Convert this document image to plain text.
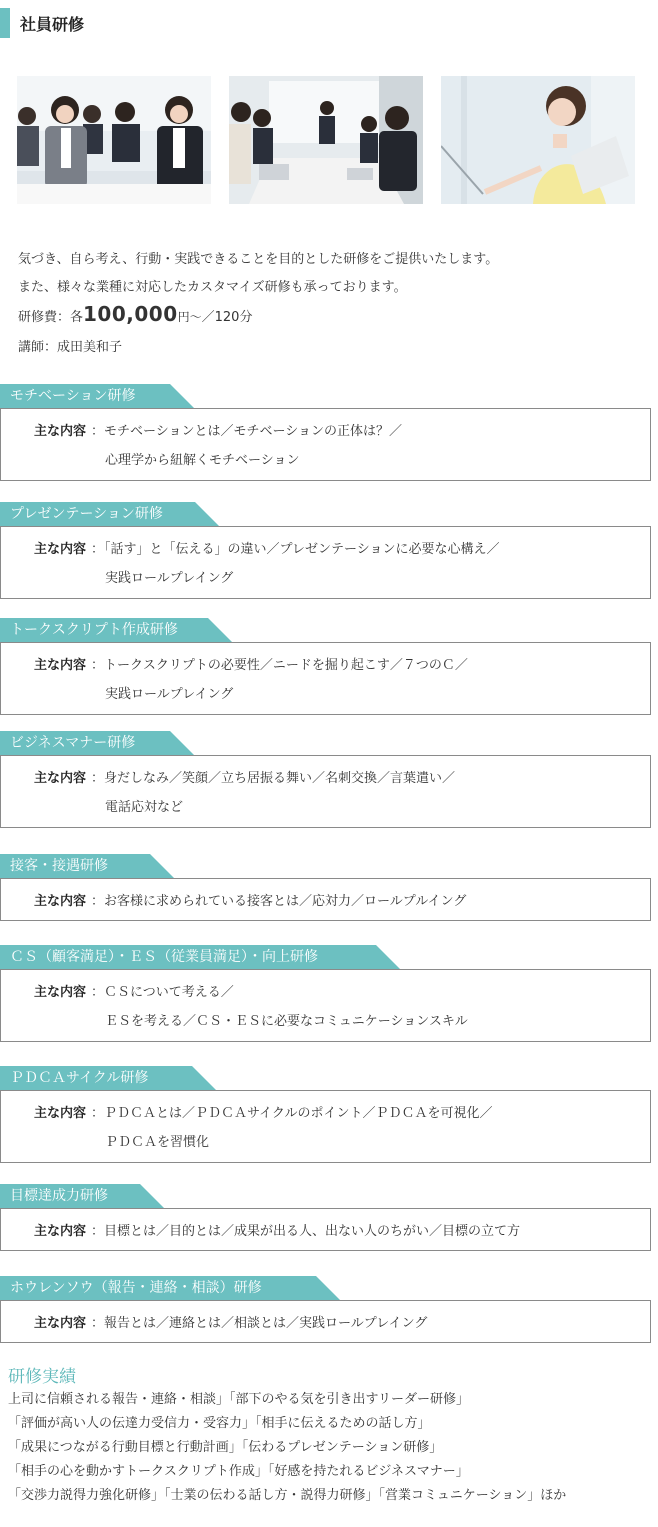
社員研修

気づき、自ら考え、行動・実践できることを目的とした研修をご提供いたします。

また、様々な業種に対応したカスタマイズ研修も承っております。

研修費：各100,000円〜／120分

講師：成田美和子

モチベーション研修
主な内容 ：モチベーションとは／モチベーションの正体は？／
心理学から紐解くモチベーション
プレゼンテーション研修
主な内容 ：「話す」と「伝える」の違い／プレゼンテーションに必要な心構え／
実践ロールプレイング
トークスクリプト作成研修
主な内容 ：トークスクリプトの必要性／ニードを掘り起こす／７つのＣ／
実践ロールプレイング
ビジネスマナー研修
主な内容 ：身だしなみ／笑顔／立ち居振る舞い／名刺交換／言葉遣い／
電話応対など
接客・接遇研修
主な内容 ：お客様に求められている接客とは／応対力／ロールプルイング
ＣＳ（顧客満足）・ＥＳ（従業員満足）・向上研修
主な内容 ：ＣＳについて考える／
ＥＳを考える／ＣＳ・ＥＳに必要なコミュニケーションスキル
ＰＤＣＡサイクル研修
主な内容 ：ＰＤＣＡとは／ＰＤＣＡサイクルのポイント／ＰＤＣＡを可視化／
ＰＤＣＡを習慣化
目標達成力研修
主な内容 ：目標とは／目的とは／成果が出る人、出ない人のちがい／目標の立て方
ホウレンソウ（報告・連絡・相談）研修
主な内容 ：報告とは／連絡とは／相談とは／実践ロールプレイング
研修実績
上司に信頼される報告・連絡・相談」「部下のやる気を引き出すリーダー研修」
「評価が高い人の伝達力受信力・受容力」「相手に伝えるための話し方」
「成果につながる行動目標と行動計画」「伝わるプレゼンテーション研修」
「相手の心を動かすトークスクリプト作成」「好感を持たれるビジネスマナー」
「交渉力説得力強化研修」「士業の伝わる話し方・説得力研修」「営業コミュニケーション」ほか
